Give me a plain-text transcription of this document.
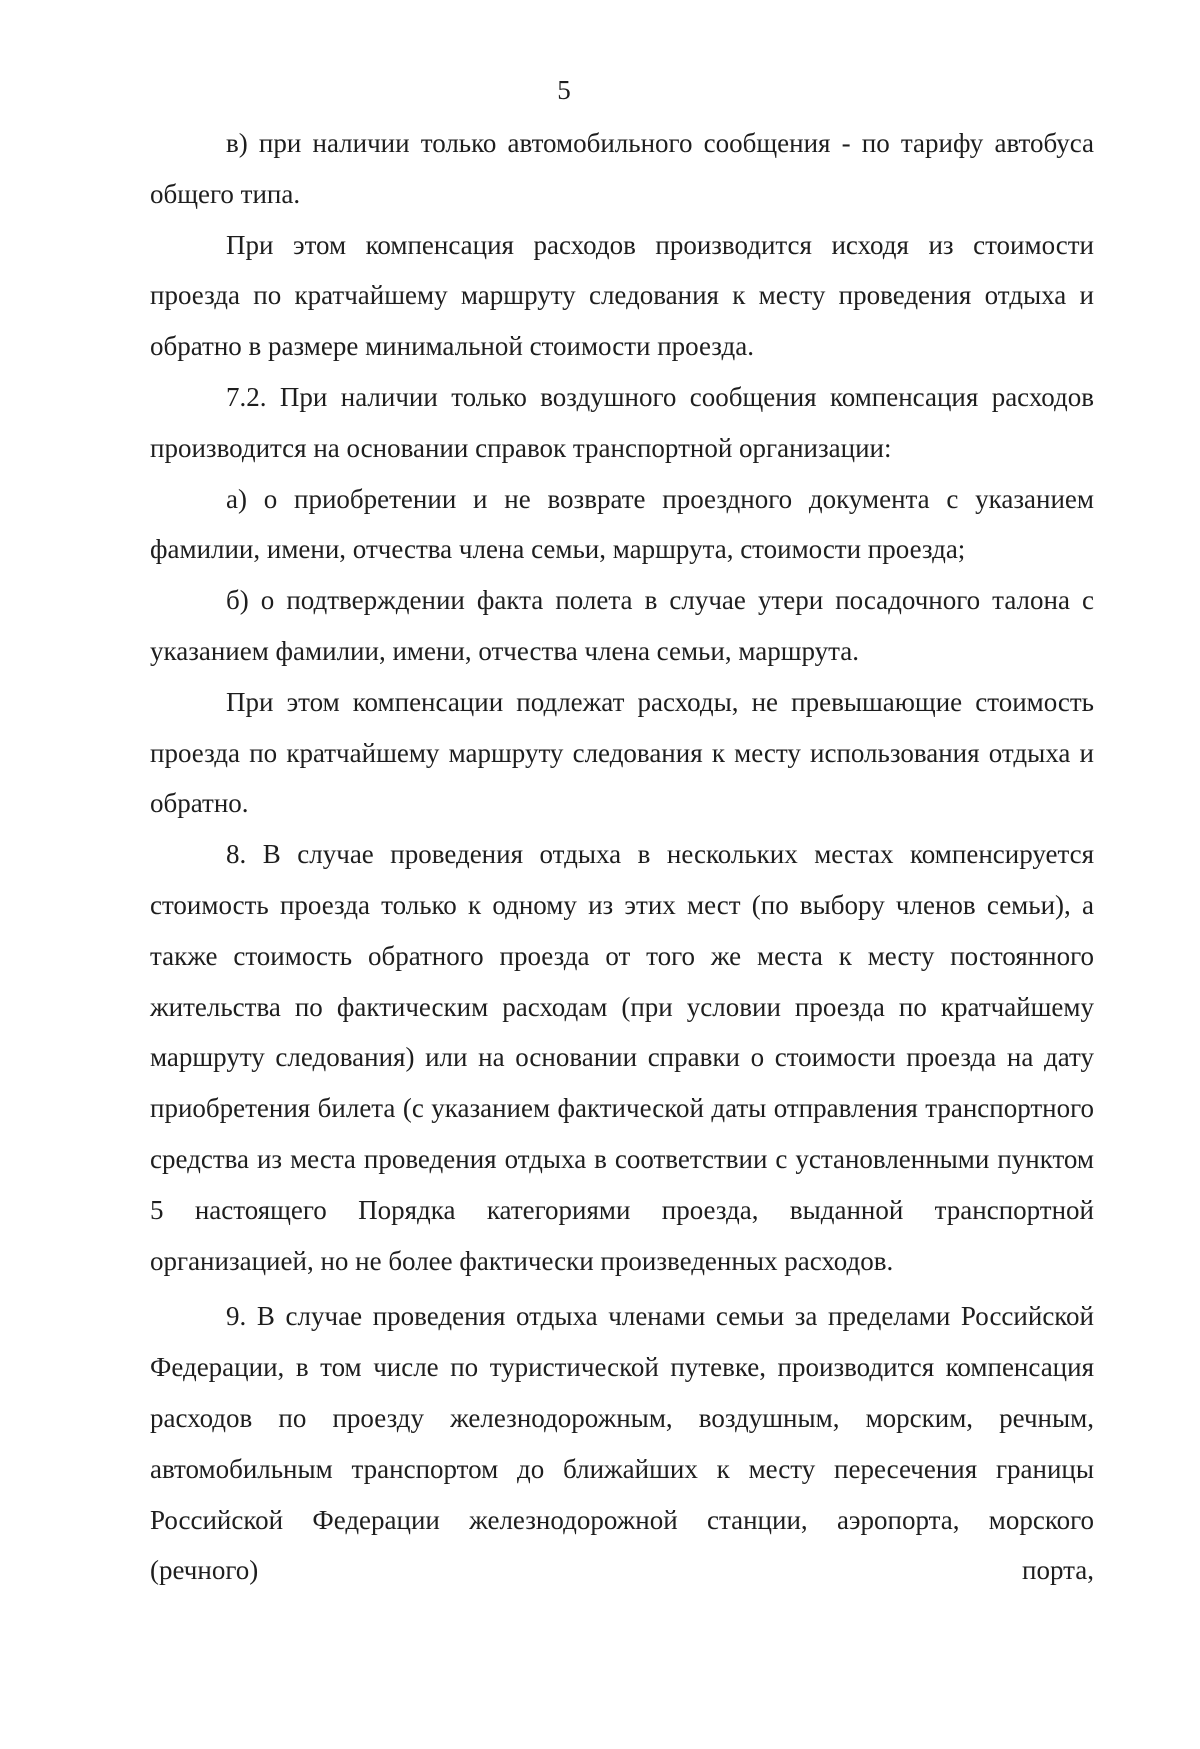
5

в) при наличии только автомобильного сообщения - по тарифу автобуса общего типа.

При этом компенсация расходов производится исходя из стоимости проезда по кратчайшему маршруту следования к месту проведения отдыха и обратно в размере минимальной стоимости проезда.

7.2. При наличии только воздушного сообщения компенсация расходов производится на основании справок транспортной организации:

а) о приобретении и не возврате проездного документа с указанием фамилии, имени, отчества члена семьи, маршрута, стоимости проезда;

б) о подтверждении факта полета в случае утери посадочного талона с указанием фамилии, имени, отчества члена семьи, маршрута.

При этом компенсации подлежат расходы, не превышающие стоимость проезда по кратчайшему маршруту следования к месту использования отдыха и обратно.

8. В случае проведения отдыха в нескольких местах компенсируется стоимость проезда только к одному из этих мест (по выбору членов семьи), а также стоимость обратного проезда от того же места к месту постоянного жительства по фактическим расходам (при условии проезда по кратчайшему маршруту следования) или на основании справки о стоимости проезда на дату приобретения билета (с указанием фактической даты отправления транспортного средства из места проведения отдыха в соответствии с установленными пунктом 5 настоящего Порядка категориями проезда, выданной транспортной организацией, но не более фактически произведенных расходов.

9. В случае проведения отдыха членами семьи за пределами Российской Федерации, в том числе по туристической путевке, производится компенсация расходов по проезду железнодорожным, воздушным, морским, речным, автомобильным транспортом до ближайших к месту пересечения границы Российской Федерации железнодорожной станции, аэропорта, морского (речного) порта,
